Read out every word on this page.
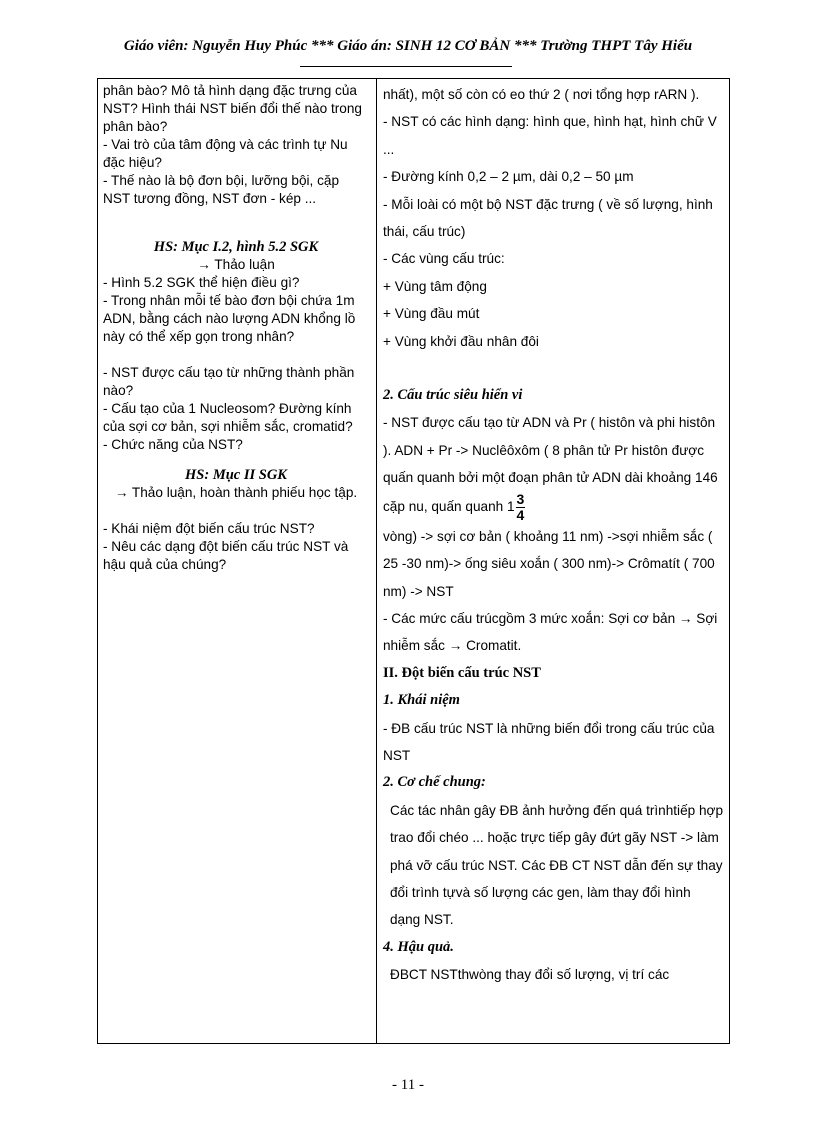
Giáo viên: Nguyễn Huy Phúc *** Giáo án: SINH 12 CƠ BẢN *** Trường THPT Tây Hiếu

phân bào? Mô tả hình dạng đặc trưng của NST? Hình thái NST biến đổi thế nào trong phân bào?

- Vai trò của tâm động và các trình tự Nu đặc hiệu?

- Thế nào là bộ đơn bội, lưỡng bội, cặp NST tương đồng, NST đơn - kép ...

HS: Mục I.2, hình 5.2 SGK

→ Thảo luận

- Hình 5.2 SGK thể hiện điều gì?

- Trong nhân mỗi tế bào đơn bội chứa 1m ADN, bằng cách nào lượng ADN khổng lồ này có thể xếp gọn trong nhân?

- NST được cấu tạo từ những thành phần nào?

- Cấu tạo của 1 Nucleosom? Đường kính của sợi cơ bản, sợi nhiễm sắc, cromatid?

- Chức năng của NST?

HS: Mục II SGK

→ Thảo luận, hoàn thành phiếu học tập.

- Khái niệm đột biến cấu trúc NST?

- Nêu các dạng đột biến cấu trúc NST và hậu quả của chúng?

nhất), một số còn có eo thứ 2 ( nơi tổng hợp rARN ).

- NST có các hình dạng: hình que, hình hạt, hình chữ V ...

- Đường kính 0,2 – 2 µm, dài 0,2 – 50 µm

- Mỗi loài có một bộ NST đặc trưng ( về số lượng, hình thái, cấu trúc)

- Các vùng cấu trúc:

+ Vùng tâm động

+ Vùng đầu mút

+ Vùng khởi đầu nhân đôi

2. Cấu trúc siêu hiển vi

- NST được cấu tạo từ ADN và Pr ( histôn và phi histôn ). ADN + Pr -> Nuclêôxôm ( 8 phân tử Pr histôn được quấn quanh bởi một đoạn phân tử ADN dài khoảng 146 cặp nu, quấn quanh $1 \frac{3}{4}$

vòng) -> sợi cơ bản ( khoảng 11 nm) ->sợi nhiễm sắc ( 25 -30 nm)-> ống siêu xoắn ( 300 nm)-> Crômatít ( 700 nm) -> NST

- Các mức cấu trúcgồm 3 mức xoắn: Sợi cơ bản → Sợi nhiễm sắc → Cromatit.

II. Đột biến cấu trúc NST

1. Khái niệm

- ĐB cấu trúc NST là những biến đổi trong cấu trúc của NST

2. Cơ chế chung:

Các tác nhân gây ĐB ảnh hưởng đến quá trìnhtiếp hợp trao đổi chéo ... hoặc trực tiếp gây đứt gãy NST -> làm phá vỡ cấu trúc NST. Các ĐB CT NST dẫn đến sự thay đổi trình tựvà số lượng các gen, làm thay đổi hình dạng NST.

4. Hậu quả.

ĐBCT NSTthwòng thay đổi số lượng, vị trí các

- 11 -
